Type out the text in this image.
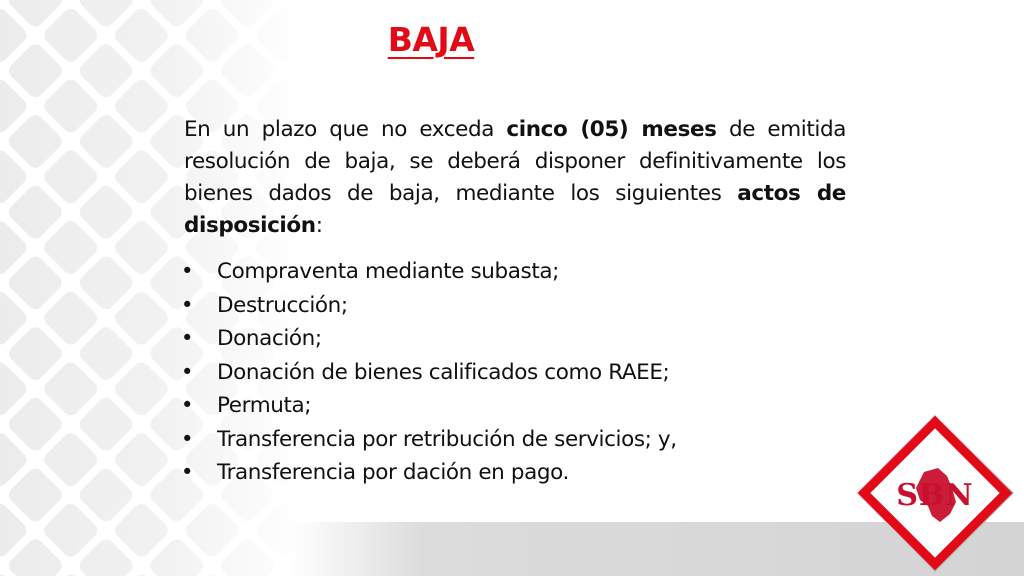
BAJA

En un plazo que no exceda cinco (05) meses de emitida resolución de baja, se deberá disponer definitivamente los bienes dados de baja, mediante los siguientes actos de disposición:

• Compraventa mediante subasta;
• Destrucción;
• Donación;
• Donación de bienes calificados como RAEE;
• Permuta;
• Transferencia por retribución de servicios; y,
• Transferencia por dación en pago.
SBN
